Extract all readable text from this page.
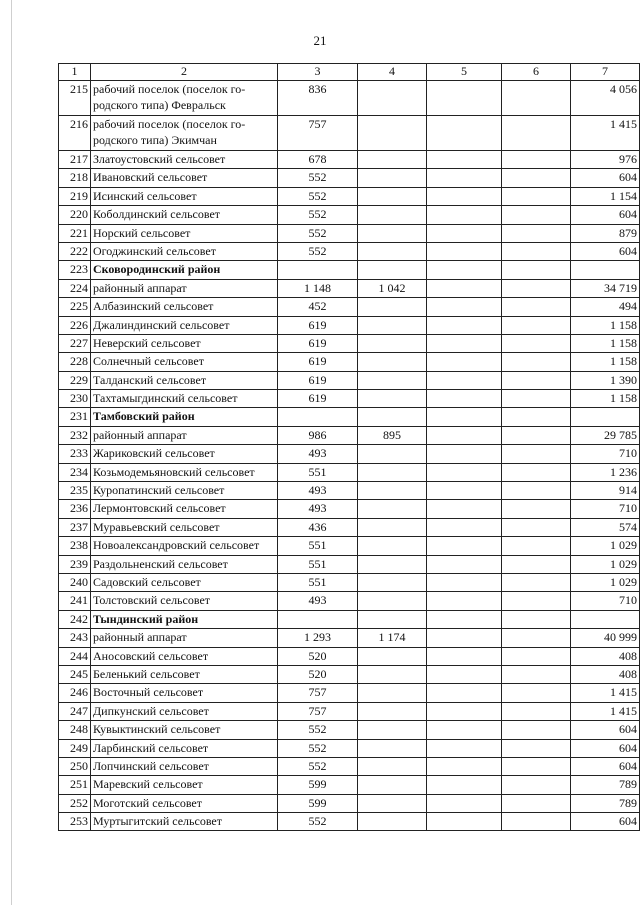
21
1	2	3	4	5	6	7
215	рабочий поселок (поселок го-родского типа) Февральск	836				4 056
216	рабочий поселок (поселок го-родского типа) Экимчан	757				1 415
217	Златоустовский сельсовет	678				976
218	Ивановский сельсовет	552				604
219	Исинский сельсовет	552				1 154
220	Коболдинский сельсовет	552				604
221	Норский сельсовет	552				879
222	Огоджинский сельсовет	552				604
223	Сковородинский район					
224	районный аппарат	1 148	1 042			34 719
225	Албазинский сельсовет	452				494
226	Джалиндинский сельсовет	619				1 158
227	Неверский сельсовет	619				1 158
228	Солнечный сельсовет	619				1 158
229	Талданский сельсовет	619				1 390
230	Тахтамыгдинский сельсовет	619				1 158
231	Тамбовский район					
232	районный аппарат	986	895			29 785
233	Жариковский сельсовет	493				710
234	Козьмодемьяновский сельсовет	551				1 236
235	Куропатинский сельсовет	493				914
236	Лермонтовский сельсовет	493				710
237	Муравьевский сельсовет	436				574
238	Новоалександровский сельсовет	551				1 029
239	Раздольненский сельсовет	551				1 029
240	Садовский сельсовет	551				1 029
241	Толстовский сельсовет	493				710
242	Тындинский район					
243	районный аппарат	1 293	1 174			40 999
244	Аносовский сельсовет	520				408
245	Беленький сельсовет	520				408
246	Восточный сельсовет	757				1 415
247	Дипкунский сельсовет	757				1 415
248	Кувыктинский сельсовет	552				604
249	Ларбинский сельсовет	552				604
250	Лопчинский сельсовет	552				604
251	Маревский сельсовет	599				789
252	Моготский сельсовет	599				789
253	Муртыгитский сельсовет	552				604
